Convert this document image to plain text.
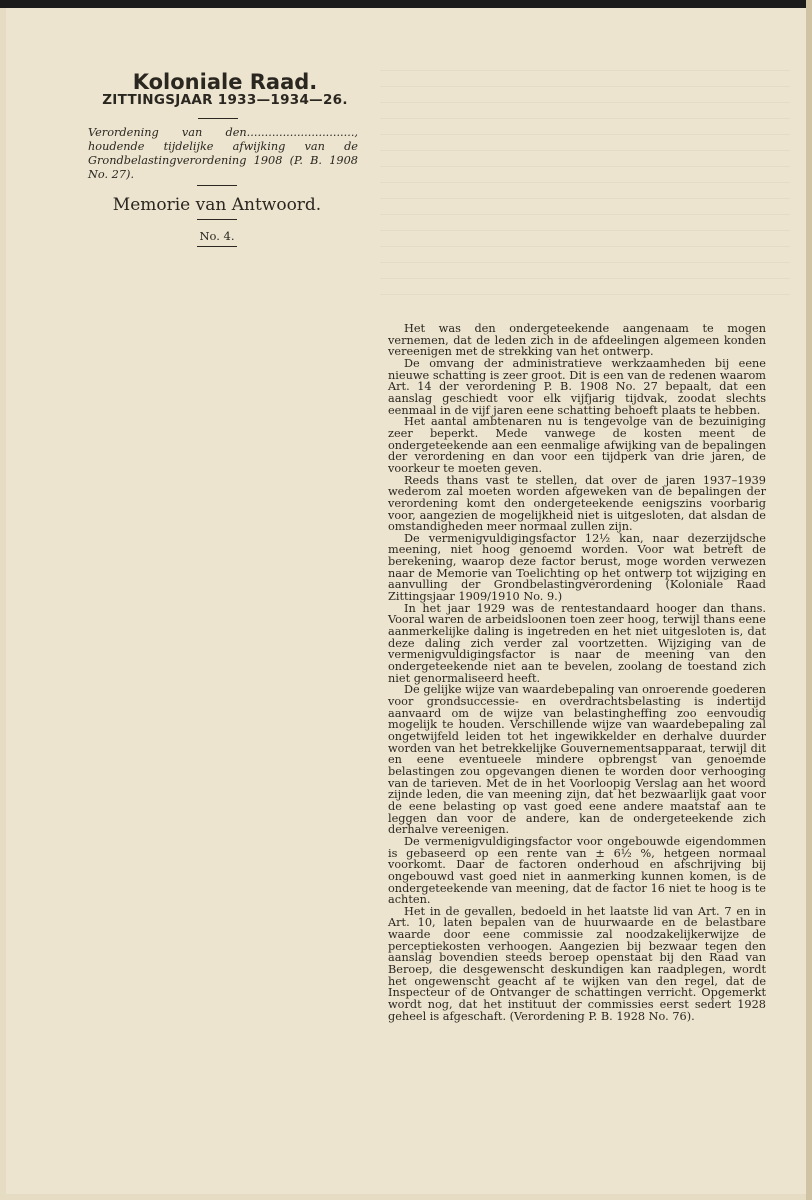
Koloniale Raad.
ZITTINGSJAAR 1933—1934—26.
Verordening van den.............................., houdende tijdelijke afwijking van de Grondbelastingverordening 1908 (P. B. 1908 No. 27).
Memorie van Antwoord.
No. 4.

Het was den ondergeteekende aangenaam te mogen vernemen, dat de leden zich in de afdeelingen algemeen konden vereenigen met de strekking van het ontwerp.

De omvang der administratieve werkzaamheden bij eene nieuwe schatting is zeer groot. Dit is een van de redenen waarom Art. 14 der verordening P. B. 1908 No. 27 bepaalt, dat een aanslag geschiedt voor elk vijfjarig tijdvak, zoodat slechts eenmaal in de vijf jaren eene schatting behoeft plaats te hebben.

Het aantal ambtenaren nu is tengevolge van de bezuiniging zeer beperkt. Mede vanwege de kosten meent de ondergeteekende aan een eenmalige afwijking van de bepalingen der verordening en dan voor een tijdperk van drie jaren, de voorkeur te moeten geven.

Reeds thans vast te stellen, dat over de jaren 1937–1939 wederom zal moeten worden afgeweken van de bepalingen der verordening komt den ondergeteekende eenigszins voorbarig voor, aangezien de mogelijkheid niet is uitgesloten, dat alsdan de omstandigheden meer normaal zullen zijn.

De vermenigvuldigingsfactor 12½ kan, naar dezerzijdsche meening, niet hoog genoemd worden. Voor wat betreft de berekening, waarop deze factor berust, moge worden verwezen naar de Memorie van Toelichting op het ontwerp tot wijziging en aanvulling der Grondbelastingverordening (Koloniale Raad Zittingsjaar 1909/1910 No. 9.)

In het jaar 1929 was de rentestandaard hooger dan thans. Vooral waren de arbeidsloonen toen zeer hoog, terwijl thans eene aanmerkelijke daling is ingetreden en het niet uitgesloten is, dat deze daling zich verder zal voortzetten. Wijziging van de vermenigvuldigingsfactor is naar de meening van den ondergeteekende niet aan te bevelen, zoolang de toestand zich niet genormaliseerd heeft.

De gelijke wijze van waardebepaling van onroerende goederen voor grondsuccessie- en overdrachtsbelasting is indertijd aanvaard om de wijze van belastingheffing zoo eenvoudig mogelijk te houden. Verschillende wijze van waardebepaling zal ongetwijfeld leiden tot het ingewikkelder en derhalve duurder worden van het betrekkelijke Gouvernementsapparaat, terwijl dit en eene eventueele mindere opbrengst van genoemde belastingen zou opgevangen dienen te worden door verhooging van de tarieven. Met de in het Voorloopig Verslag aan het woord zijnde leden, die van meening zijn, dat het bezwaarlijk gaat voor de eene belasting op vast goed eene andere maatstaf aan te leggen dan voor de andere, kan de ondergeteekende zich derhalve vereenigen.

De vermenigvuldigingsfactor voor ongebouwde eigendommen is gebaseerd op een rente van ± 6½ %, hetgeen normaal voorkomt. Daar de factoren onderhoud en afschrijving bij ongebouwd vast goed niet in aanmerking kunnen komen, is de ondergeteekende van meening, dat de factor 16 niet te hoog is te achten.

Het in de gevallen, bedoeld in het laatste lid van Art. 7 en in Art. 10, laten bepalen van de huurwaarde en de belastbare waarde door eene commissie zal noodzakelijkerwijze de perceptiekosten verhoogen. Aangezien bij bezwaar tegen den aanslag bovendien steeds beroep openstaat bij den Raad van Beroep, die desgewenscht deskundigen kan raadplegen, wordt het ongewenscht geacht af te wijken van den regel, dat de Inspecteur of de Ontvanger de schattingen verricht. Opgemerkt wordt nog, dat het instituut der commissies eerst sedert 1928 geheel is afgeschaft. (Verordening P. B. 1928 No. 76).
